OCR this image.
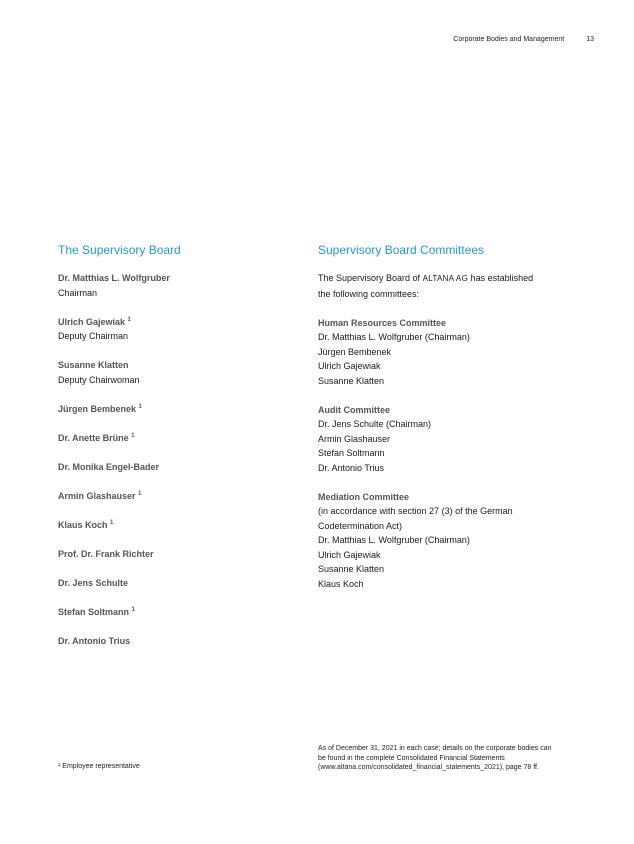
Corporate Bodies and Management	13
The Supervisory Board
Dr. Matthias L. Wolfgruber
Chairman
Ulrich Gajewiak $^1$
Deputy Chairman
Susanne Klatten
Deputy Chairwoman
Jürgen Bembenek $^1$
Dr. Anette Brüne $^1$
Dr. Monika Engel-Bader
Armin Glashauser $^1$
Klaus Koch $^1$
Prof. Dr. Frank Richter
Dr. Jens Schulte
Stefan Soltmann $^1$
Dr. Antonio Trius
Supervisory Board Committees
The Supervisory Board of ALTANA AG has established
the following committees:
Human Resources Committee
Dr. Matthias L. Wolfgruber (Chairman)
Jürgen Bembenek
Ulrich Gajewiak
Susanne Klatten
Audit Committee
Dr. Jens Schulte (Chairman)
Armin Glashauser
Stefan Soltmann
Dr. Antonio Trius
Mediation Committee
(in accordance with section 27 (3) of the German
Codetermination Act)
Dr. Matthias L. Wolfgruber (Chairman)
Ulrich Gajewiak
Susanne Klatten
Klaus Koch
¹ Employee representative
As of December 31, 2021 in each case; details on the corporate bodies can
be found in the complete Consolidated Financial Statements
(www.altana.com/consolidated_financial_statements_2021), page 78 ff.
